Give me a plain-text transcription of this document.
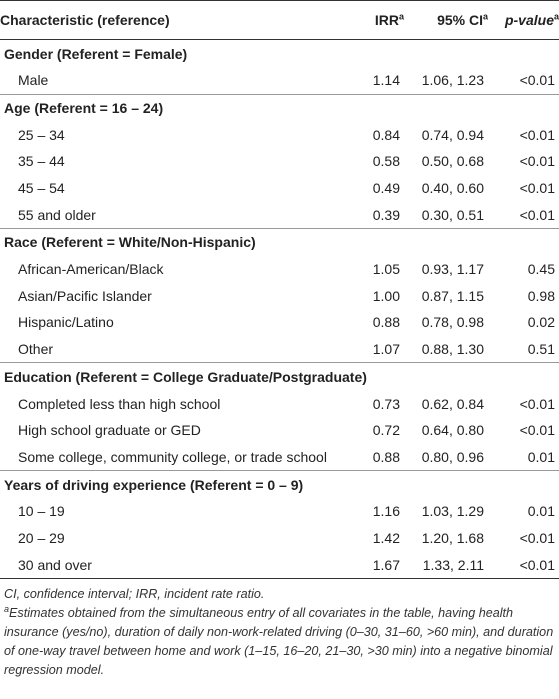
Characteristic (reference)	IRR$^a$	95% $CI^a$	p-value$^a$
Gender (Referent = Female)			
Male	1.14	1.06, 1.23	<0.01
Age (Referent = 16 – 24)			
25 – 34	0.84	0.74, 0.94	<0.01
35 – 44	0.58	0.50, 0.68	<0.01
45 – 54	0.49	0.40, 0.60	<0.01
55 and older	0.39	0.30, 0.51	<0.01
Race (Referent = White/Non-Hispanic)			
African-American/Black	1.05	0.93, 1.17	0.45
Asian/Pacific Islander	1.00	0.87, 1.15	0.98
Hispanic/Latino	0.88	0.78, 0.98	0.02
Other	1.07	0.88, 1.30	0.51
Education (Referent = College Graduate/Postgraduate)			
Completed less than high school	0.73	0.62, 0.84	<0.01
High school graduate or GED	0.72	0.64, 0.80	<0.01
Some college, community college, or trade school	0.88	0.80, 0.96	0.01
Years of driving experience (Referent = 0 – 9)			
10 – 19	1.16	1.03, 1.29	0.01
20 – 29	1.42	1.20, 1.68	<0.01
30 and over	1.67	1.33, 2.11	<0.01

CI, confidence interval; IRR, incident rate ratio.

$^a$Estimates obtained from the simultaneous entry of all covariates in the table, having health insurance (yes/no), duration of daily non-work-related driving (0–30, 31–60, >60 min), and duration of one-way travel between home and work (1–15, 16–20, 21–30, >30 min) into a negative binomial regression model.
